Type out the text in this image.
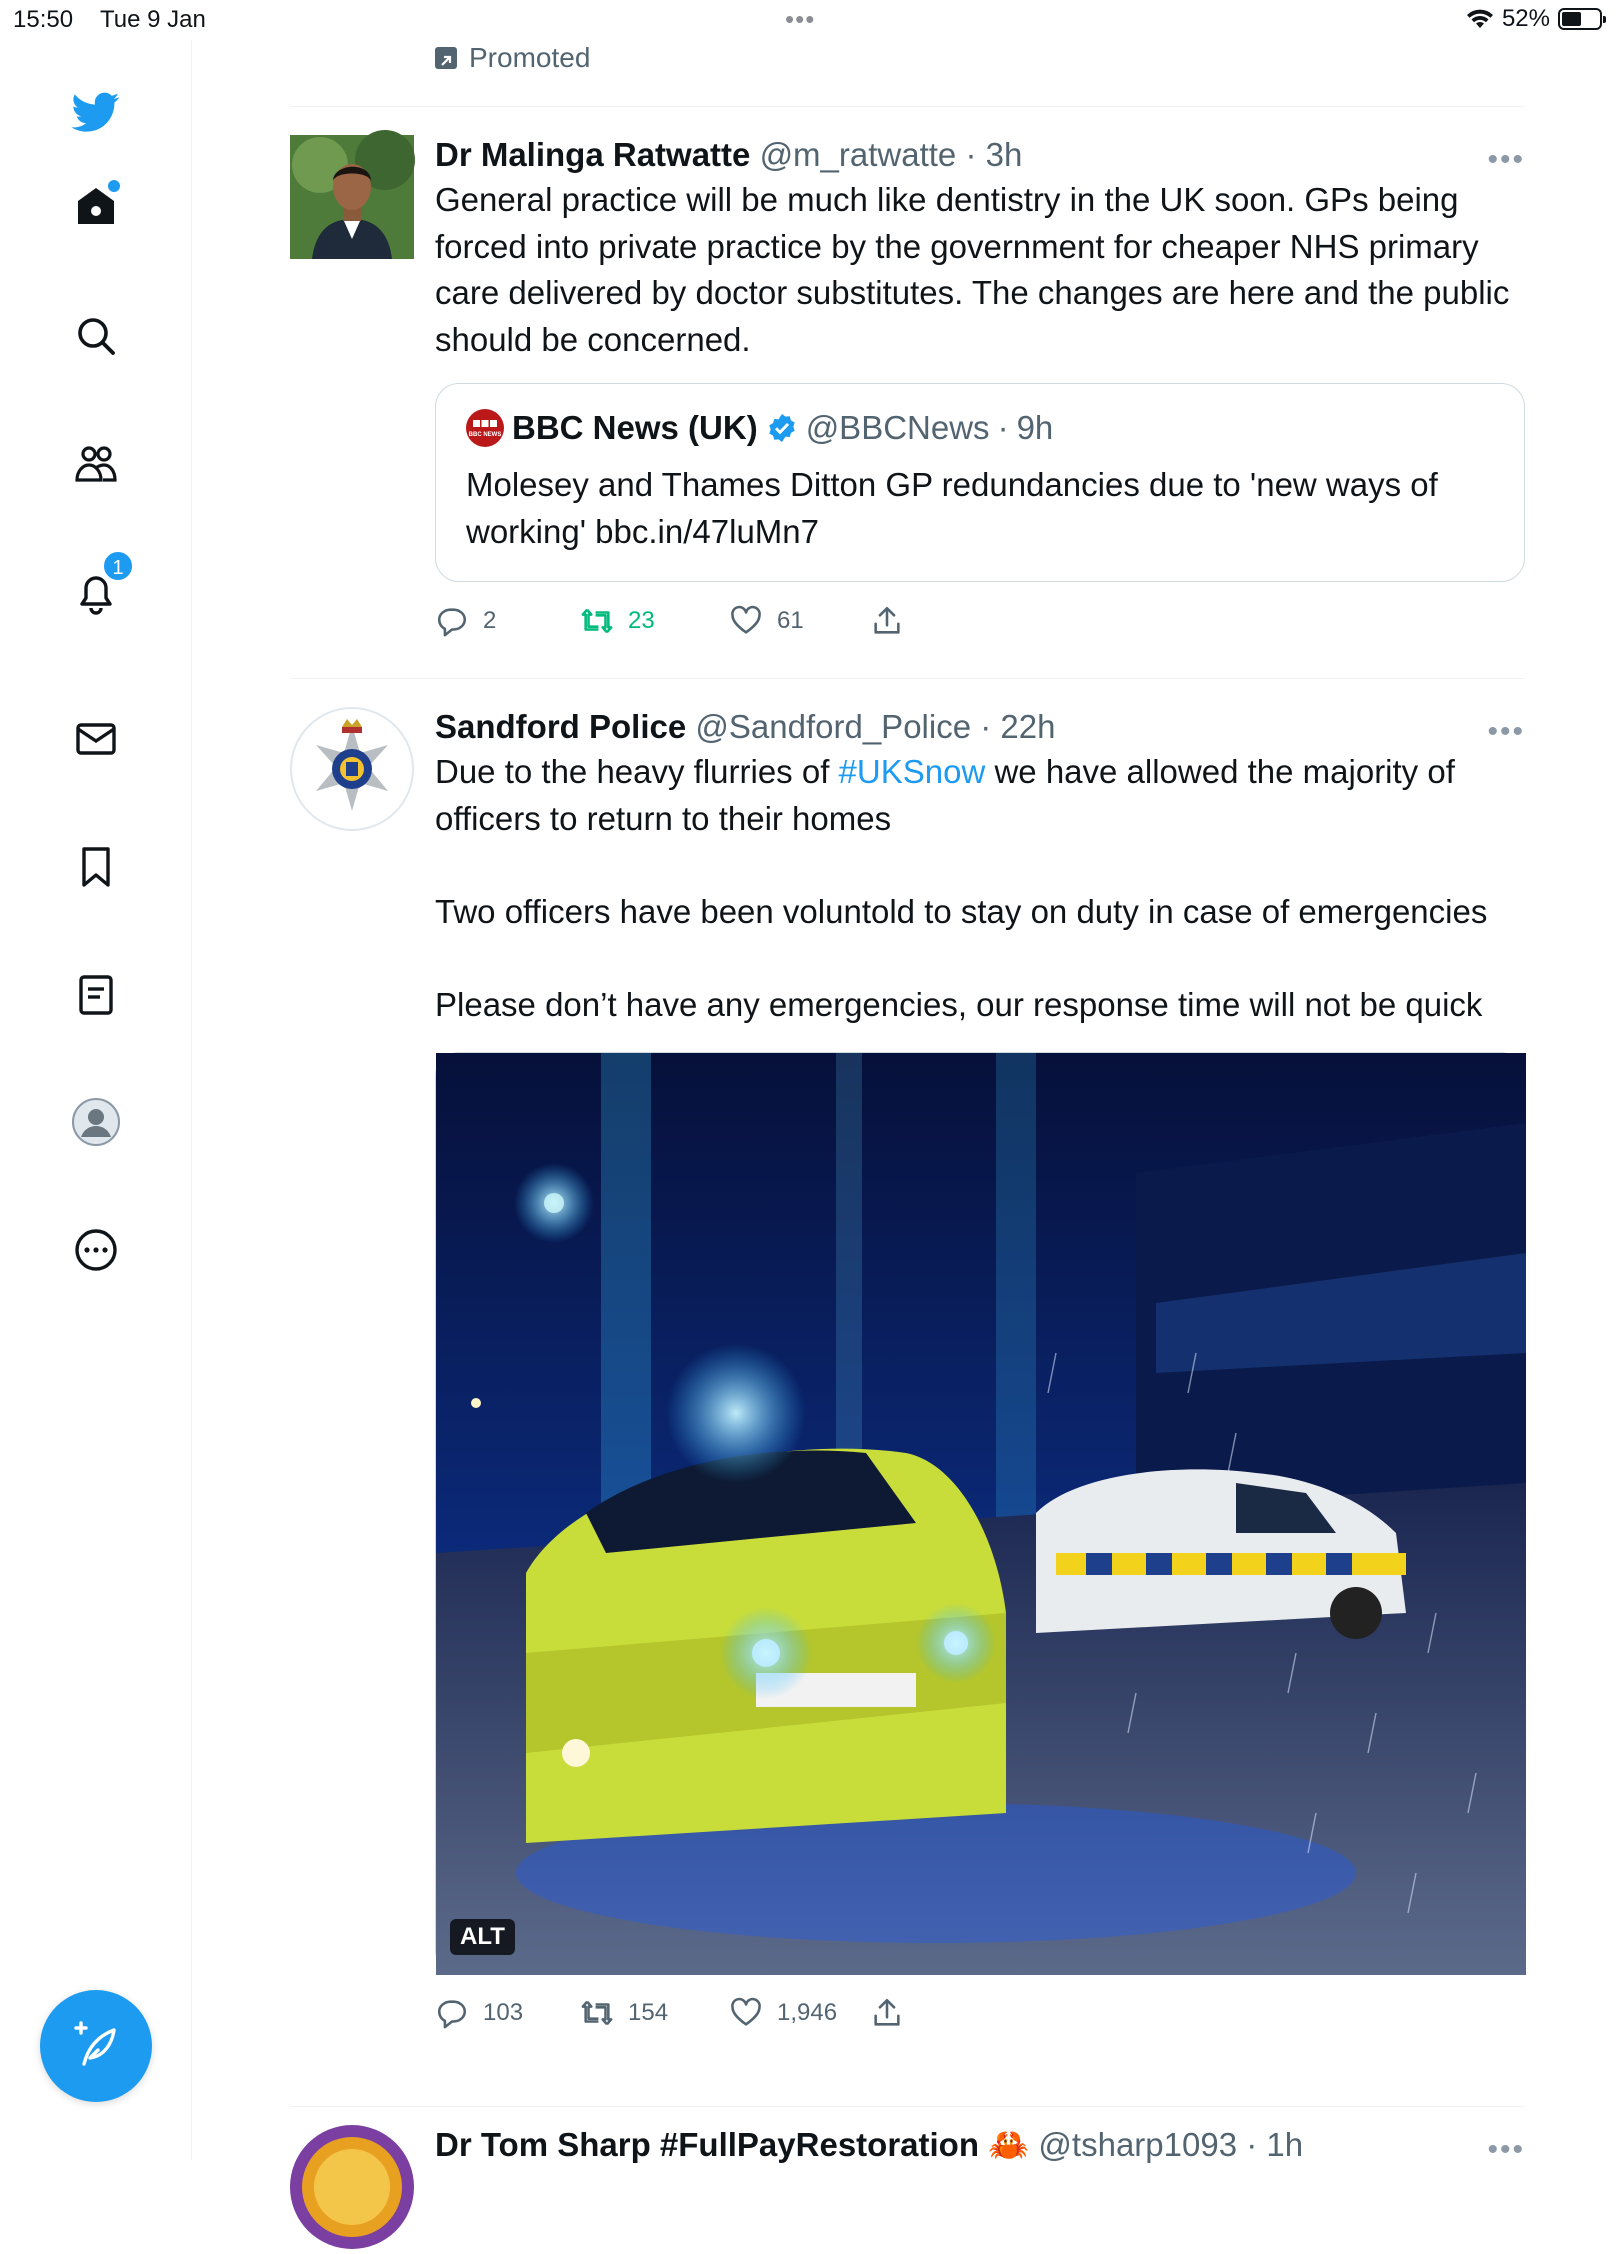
15:50 Tue 9 Jan	•••	52%
1
Promoted
Dr Malinga Ratwatte @m_ratwatte · 3h	•••
General practice will be much like dentistry in the UK soon. GPs being forced into private practice by the government for cheaper NHS primary care delivered by doctor substitutes. The changes are here and the public should be concerned.
BBC NEWS BBC News (UK) @BBCNews · 9h
Molesey and Thames Ditton GP redundancies due to 'new ways of working' bbc.in/47luMn7
2	23	61
Sandford Police @Sandford_Police · 22h	•••
Due to the heavy flurries of #UKSnow we have allowed the majority of officers to return to their homes

Two officers have been voluntold to stay on duty in case of emergencies

Please don’t have any emergencies, our response time will not be quick
ALT
103	154	1,946
Dr Tom Sharp #FullPayRestoration 🦀 @tsharp1093 · 1h	•••
